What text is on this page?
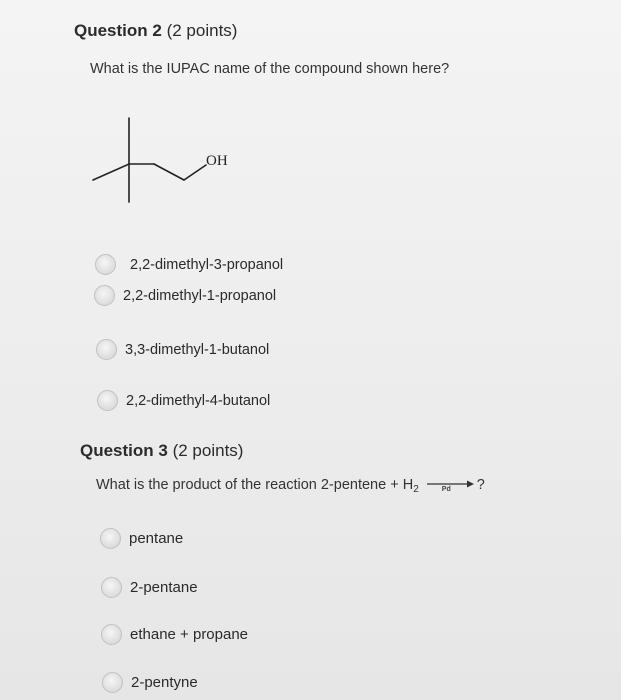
Question 2 (2 points)
What is the IUPAC name of the compound shown here?
OH
2,2-dimethyl-3-propanol
2,2-dimethyl-1-propanol
3,3-dimethyl-1-butanol
2,2-dimethyl-4-butanol
Question 3 (2 points)
What is the product of the reaction 2-pentene + $H_2$	Pd ?
pentane
2-pentane
ethane + propane
2-pentyne
